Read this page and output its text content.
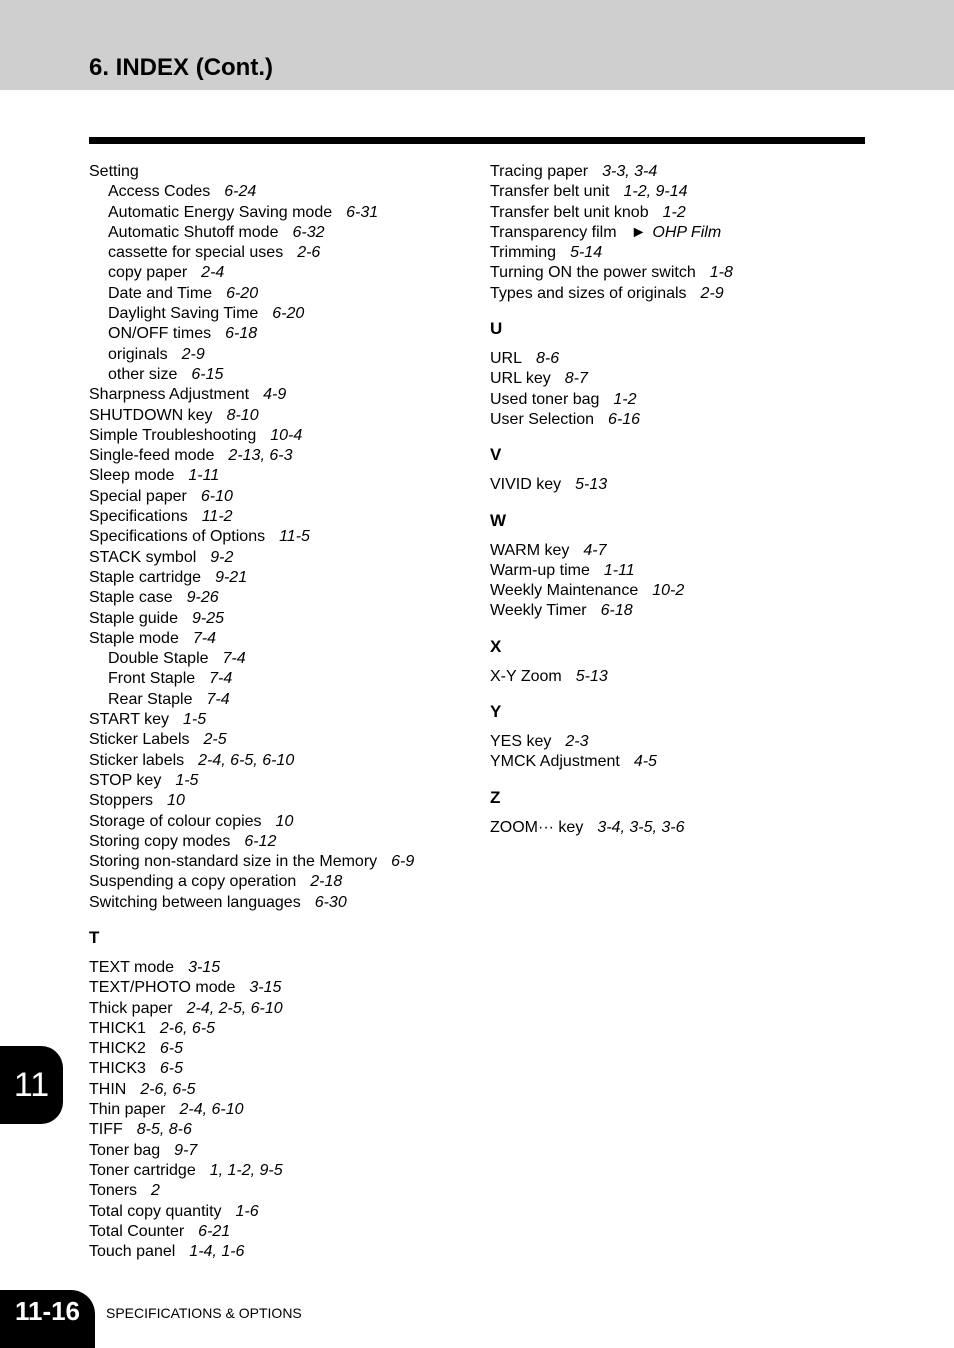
6. INDEX (Cont.)
Setting
Access Codes 6-24
Automatic Energy Saving mode 6-31
Automatic Shutoff mode 6-32
cassette for special uses 2-6
copy paper 2-4
Date and Time 6-20
Daylight Saving Time 6-20
ON/OFF times 6-18
originals 2-9
other size 6-15
Sharpness Adjustment 4-9
SHUTDOWN key 8-10
Simple Troubleshooting 10-4
Single-feed mode 2-13, 6-3
Sleep mode 1-11
Special paper 6-10
Specifications 11-2
Specifications of Options 11-5
STACK symbol 9-2
Staple cartridge 9-21
Staple case 9-26
Staple guide 9-25
Staple mode 7-4
Double Staple 7-4
Front Staple 7-4
Rear Staple 7-4
START key 1-5
Sticker Labels 2-5
Sticker labels 2-4, 6-5, 6-10
STOP key 1-5
Stoppers 10
Storage of colour copies 10
Storing copy modes 6-12
Storing non-standard size in the Memory 6-9
Suspending a copy operation 2-18
Switching between languages 6-30
T
TEXT mode 3-15
TEXT/PHOTO mode 3-15
Thick paper 2-4, 2-5, 6-10
THICK1 2-6, 6-5
THICK2 6-5
THICK3 6-5
THIN 2-6, 6-5
Thin paper 2-4, 6-10
TIFF 8-5, 8-6
Toner bag 9-7
Toner cartridge 1, 1-2, 9-5
Toners 2
Total copy quantity 1-6
Total Counter 6-21
Touch panel 1-4, 1-6
Tracing paper 3-3, 3-4
Transfer belt unit 1-2, 9-14
Transfer belt unit knob 1-2
Transparency film ► OHP Film
Trimming 5-14
Turning ON the power switch 1-8
Types and sizes of originals 2-9
U
URL 8-6
URL key 8-7
Used toner bag 1-2
User Selection 6-16
V
VIVID key 5-13
W
WARM key 4-7
Warm-up time 1-11
Weekly Maintenance 10-2
Weekly Timer 6-18
X
X-Y Zoom 5-13
Y
YES key 2-3
YMCK Adjustment 4-5
Z
ZOOM··· key 3-4, 3-5, 3-6
11
11-16	SPECIFICATIONS & OPTIONS
